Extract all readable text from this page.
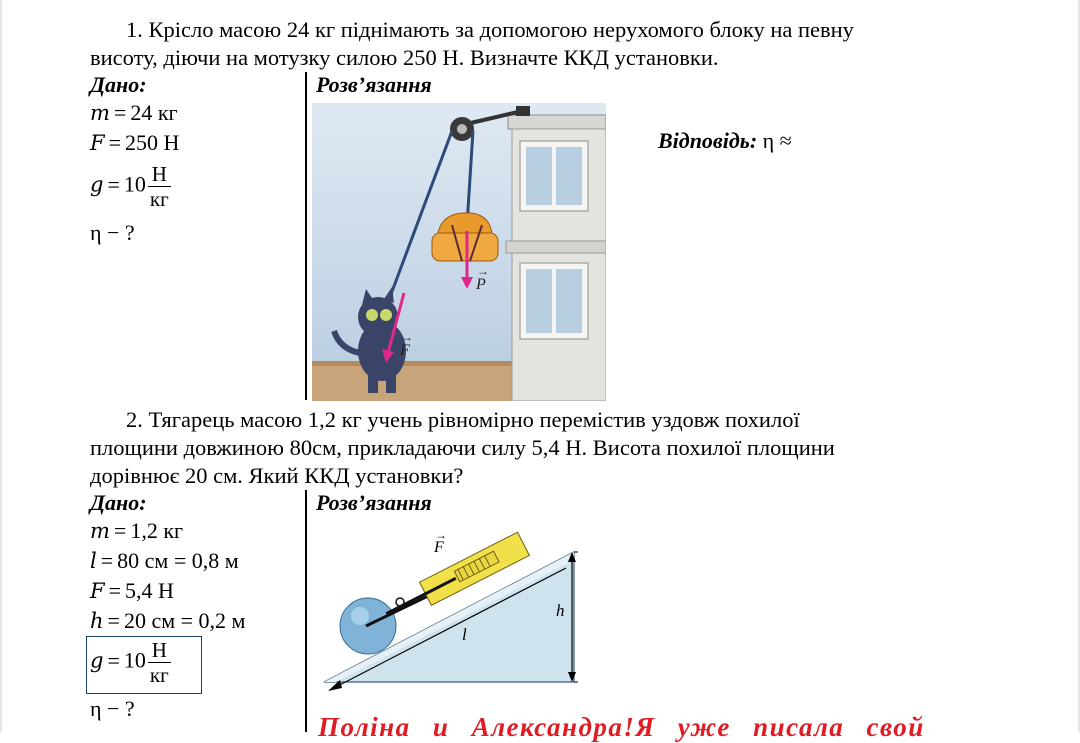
1. Крісло масою 24 кг піднімають за допомогою нерухомого блоку на певну
висоту, діючи на мотузку силою 250 Н. Визначте ККД установки.
Дано:	Розв’язання
m = 24 кг
F = 250 Н
$g = 10 \frac{Н}{кг}$
η − ?
P
→
F
→
Відповідь: η ≈
2. Тягарець масою 1,2 кг учень рівномірно перемістив уздовж похилої
площини довжиною 80см, прикладаючи силу 5,4 Н. Висота похилої площини
дорівнює 20 см. Який ККД установки?
Дано:	Розв’язання
m = 1,2 кг
l = 80 см = 0,8 м
F = 5,4 Н
h = 20 см = 0,2 м
$g = 10 \frac{Н}{кг}$
η − ?
h
l
F
→
Поліна и Александра!Я уже писала свой
